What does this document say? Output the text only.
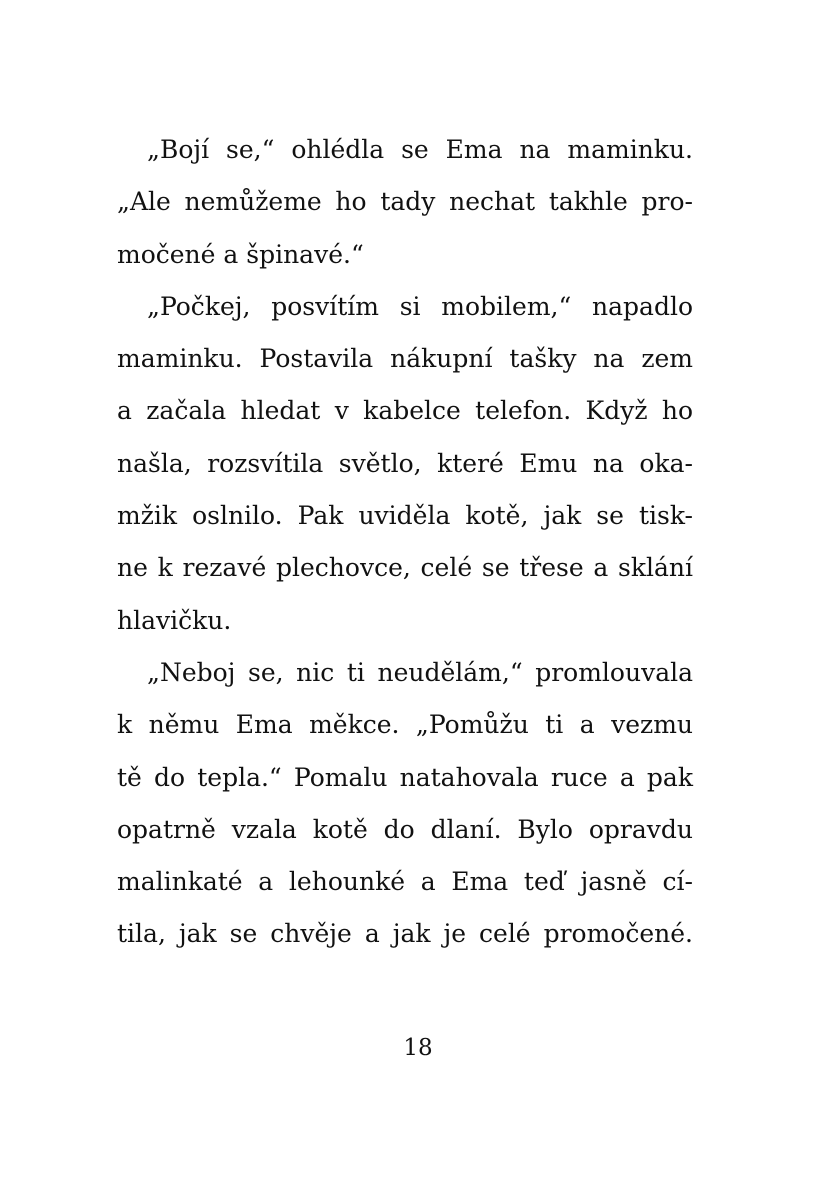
„Bojí se,“ ohlédla se Ema na maminku.
„Ale nemůžeme ho tady nechat takhle pro-
močené a špinavé.“
„Počkej, posvítím si mobilem,“ napadlo
maminku. Postavila nákupní tašky na zem
a začala hledat v kabelce telefon. Když ho
našla, rozsvítila světlo, které Emu na oka-
mžik oslnilo. Pak uviděla kotě, jak se tisk-
ne k rezavé plechovce, celé se třese a sklání
hlavičku.
„Neboj se, nic ti neudělám,“ promlouvala
k němu Ema měkce. „Pomůžu ti a vezmu
tě do tepla.“ Pomalu natahovala ruce a pak
opatrně vzala kotě do dlaní. Bylo opravdu
malinkaté a lehounké a Ema teď jasně cí-
tila, jak se chvěje a jak je celé promočené.
18
